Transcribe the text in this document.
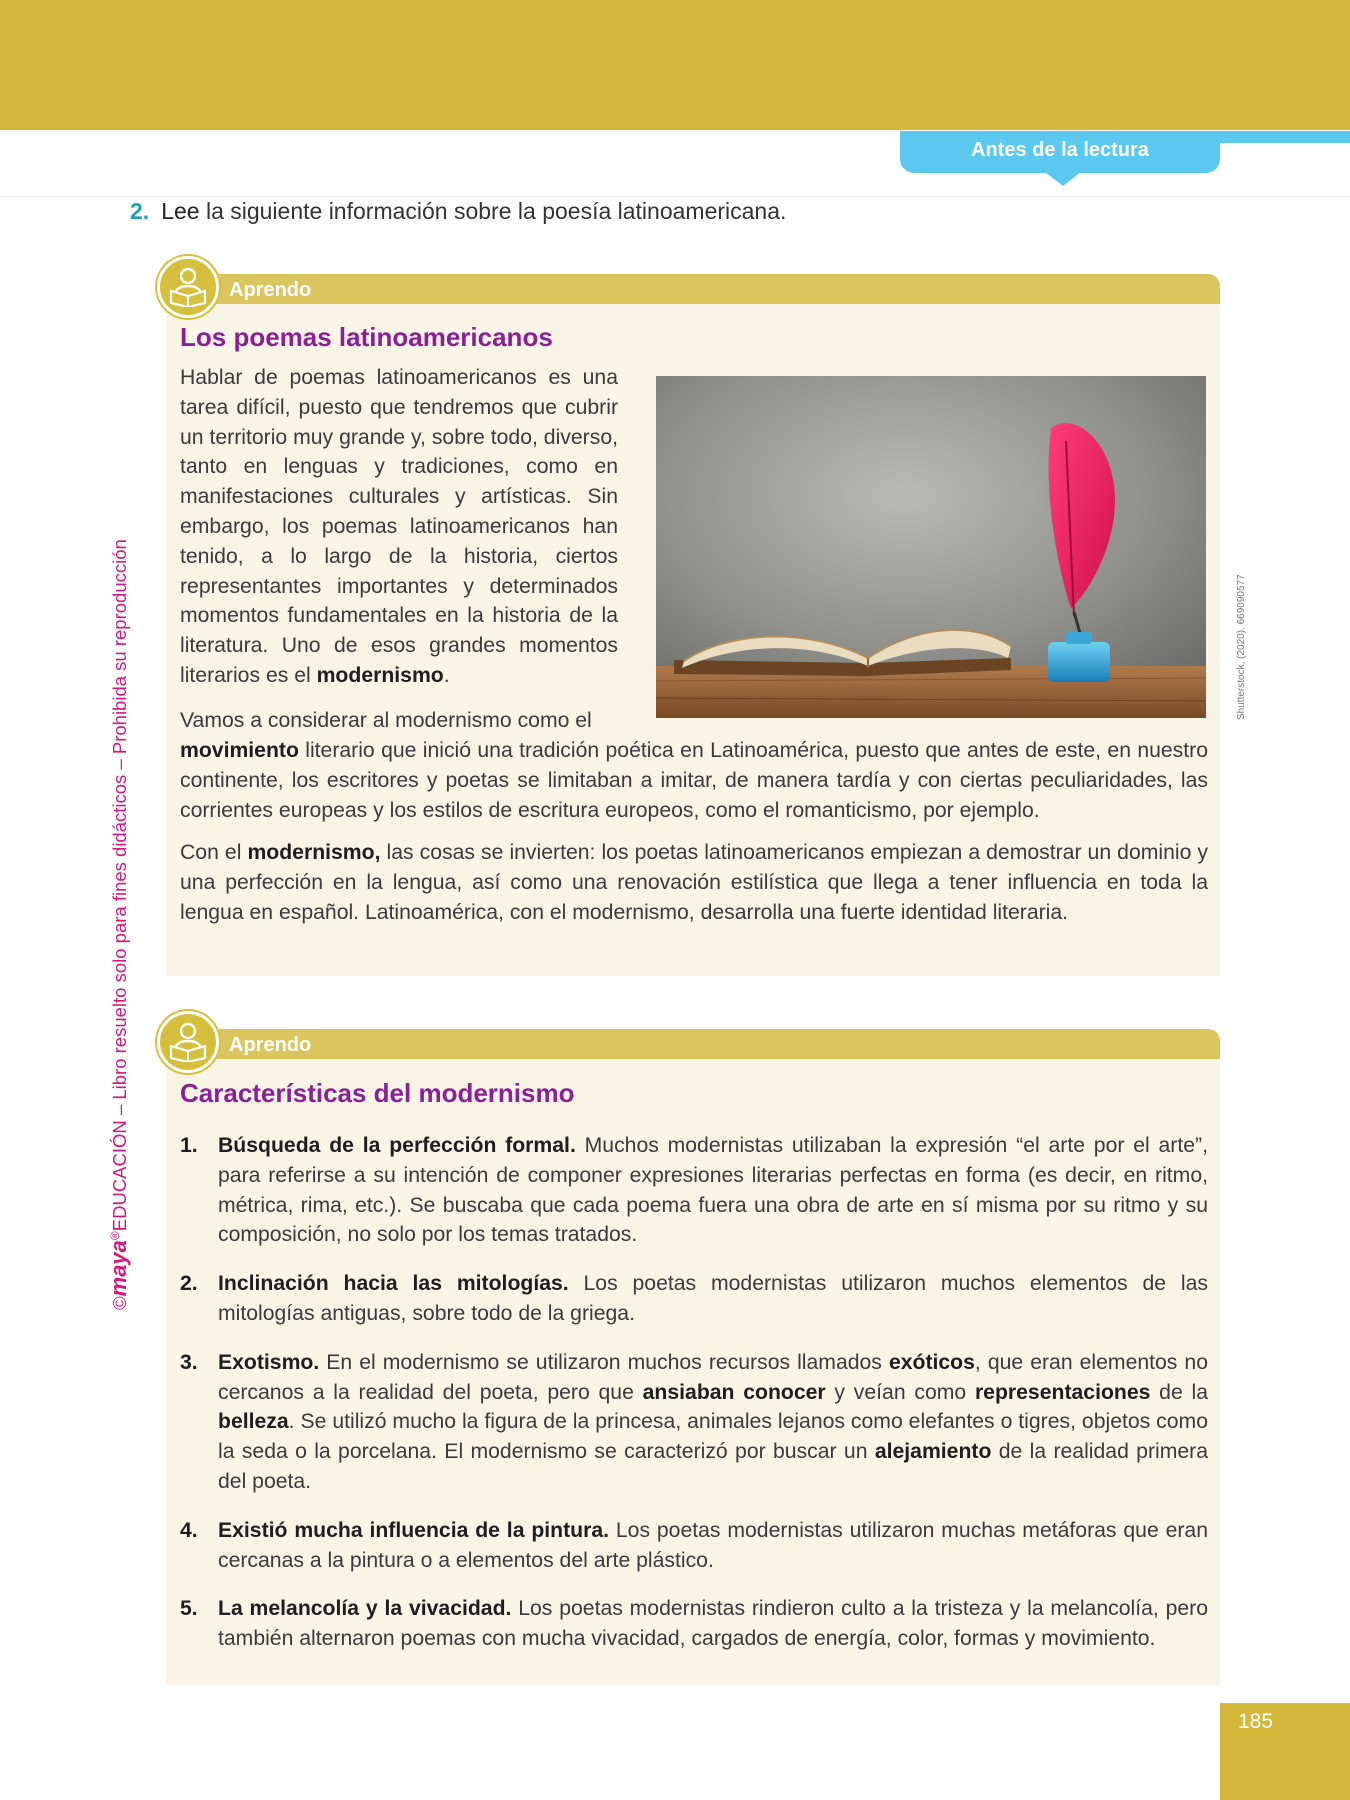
Antes de la lectura
2. Lee la siguiente información sobre la poesía latinoamericana.
©maya®EDUCACIÓN – Libro resuelto solo para fines didácticos – Prohibida su reproducción
Aprendo
Los poemas latinoamericanos
Hablar de poemas latinoamericanos es una tarea difícil, puesto que tendremos que cubrir un territorio muy grande y, sobre todo, diverso, tanto en lenguas y tradiciones, como en manifestaciones culturales y artísticas. Sin embargo, los poemas latinoamericanos han tenido, a lo largo de la historia, ciertos representantes importantes y determinados momentos fundamentales en la historia de la literatura. Uno de esos grandes momentos literarios es el modernismo.	Shutterstock, (2020). 669090577
Vamos a considerar al modernismo como el
movimiento literario que inició una tradición poética en Latinoamérica, puesto que antes de este, en nuestro continente, los escritores y poetas se limitaban a imitar, de manera tardía y con ciertas peculiaridades, las corrientes europeas y los estilos de escritura europeos, como el romanticismo, por ejemplo.
Con el modernismo, las cosas se invierten: los poetas latinoamericanos empiezan a demostrar un dominio y una perfección en la lengua, así como una renovación estilística que llega a tener influencia en toda la lengua en español. Latinoamérica, con el modernismo, desarrolla una fuerte identidad literaria.
Aprendo
Características del modernismo
1. Búsqueda de la perfección formal. Muchos modernistas utilizaban la expresión “el arte por el arte”, para referirse a su intención de componer expresiones literarias perfectas en forma (es decir, en ritmo, métrica, rima, etc.). Se buscaba que cada poema fuera una obra de arte en sí misma por su ritmo y su composición, no solo por los temas tratados.
2. Inclinación hacia las mitologías. Los poetas modernistas utilizaron muchos elementos de las mitologías antiguas, sobre todo de la griega.
3. Exotismo. En el modernismo se utilizaron muchos recursos llamados exóticos, que eran elementos no cercanos a la realidad del poeta, pero que ansiaban conocer y veían como representaciones de la belleza. Se utilizó mucho la figura de la princesa, animales lejanos como elefantes o tigres, objetos como la seda o la porcelana. El modernismo se caracterizó por buscar un alejamiento de la realidad primera del poeta.
4. Existió mucha influencia de la pintura. Los poetas modernistas utilizaron muchas metáforas que eran cercanas a la pintura o a elementos del arte plástico.
5. La melancolía y la vivacidad. Los poetas modernistas rindieron culto a la tristeza y la melancolía, pero también alternaron poemas con mucha vivacidad, cargados de energía, color, formas y movimiento.
185
